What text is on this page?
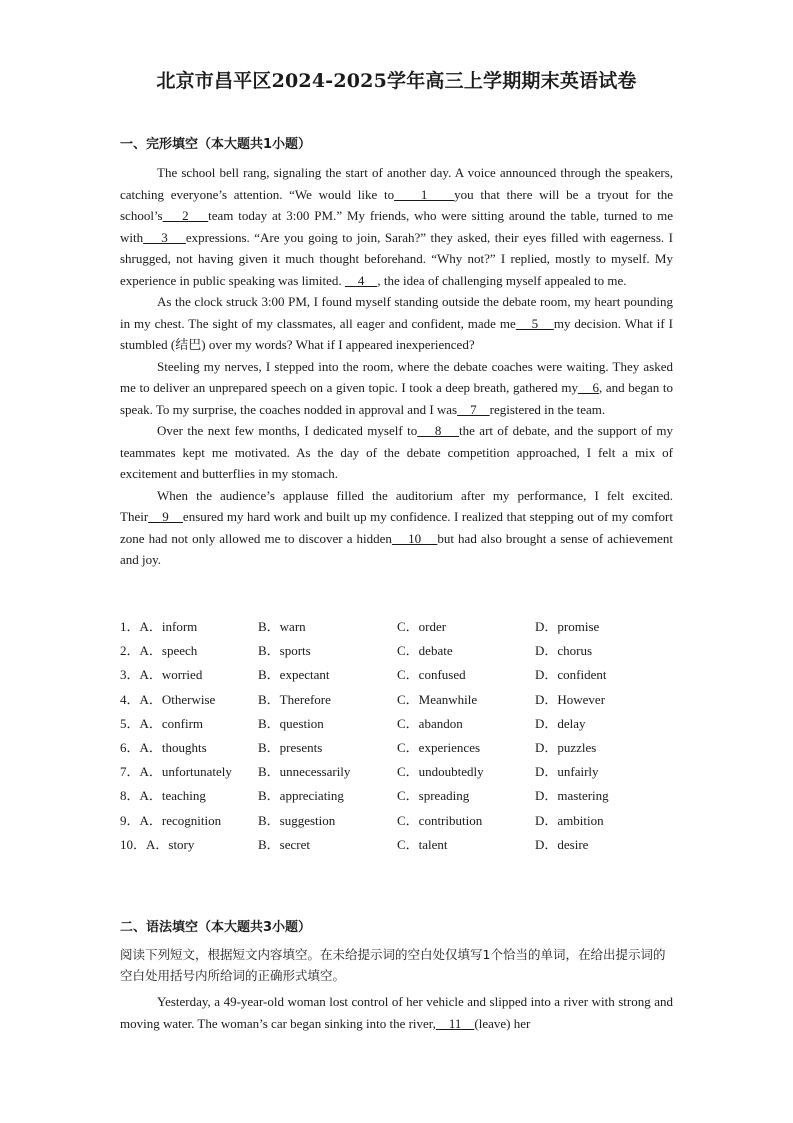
北京市昌平区2024-2025学年高三上学期期末英语试卷
一、完形填空（本大题共1小题）

The school bell rang, signaling the start of another day. A voice announced through the speakers, catching everyone’s attention. “We would like to    1    you that there will be a tryout for the school’s    2    team today at 3:00 PM.” My friends, who were sitting around the table, turned to me with    3    expressions. “Are you going to join, Sarah?” they asked, their eyes filled with eagerness. I shrugged, not having given it much thought beforehand. “Why not?” I replied, mostly to myself. My experience in public speaking was limited.     4    , the idea of challenging myself appealed to me.

As the clock struck 3:00 PM, I found myself standing outside the debate room, my heart pounding in my chest. The sight of my classmates, all eager and confident, made me    5    my decision. What if I stumbled (结巴) over my words? What if I appeared inexperienced?

Steeling my nerves, I stepped into the room, where the debate coaches were waiting. They asked me to deliver an unprepared speech on a given topic. I took a deep breath, gathered my    6, and began to speak. To my surprise, the coaches nodded in approval and I was    7    registered in the team.

Over the next few months, I dedicated myself to    8    the art of debate, and the support of my teammates kept me motivated. As the day of the debate competition approached, I felt a mix of excitement and butterflies in my stomach.

When the audience’s applause filled the auditorium after my performance, I felt excited. Their    9    ensured my hard work and built up my confidence. I realized that stepping out of my comfort zone had not only allowed me to discover a hidden    10    but had also brought a sense of achievement and joy.

1．A．inform	B．warn	C．order	D．promise
2．A．speech	B．sports	C．debate	D．chorus
3．A．worried	B．expectant	C．confused	D．confident
4．A．Otherwise	B．Therefore	C．Meanwhile	D．However
5．A．confirm	B．question	C．abandon	D．delay
6．A．thoughts	B．presents	C．experiences	D．puzzles
7．A．unfortunately B．unnecessarily	C．undoubtedly	D．unfairly
8．A．teaching	B．appreciating	C．spreading	D．mastering
9．A．recognition	B．suggestion	C．contribution	D．ambition
10．A．story	B．secret	C．talent	D．desire
二、语法填空（本大题共3小题）
阅读下列短文，根据短文内容填空。在未给提示词的空白处仅填写1个恰当的单词，在给出提示词的空白处用括号内所给词的正确形式填空。

Yesterday, a 49-year-old woman lost control of her vehicle and slipped into a river with strong and moving water. The woman’s car began sinking into the river,    11    (leave) her
